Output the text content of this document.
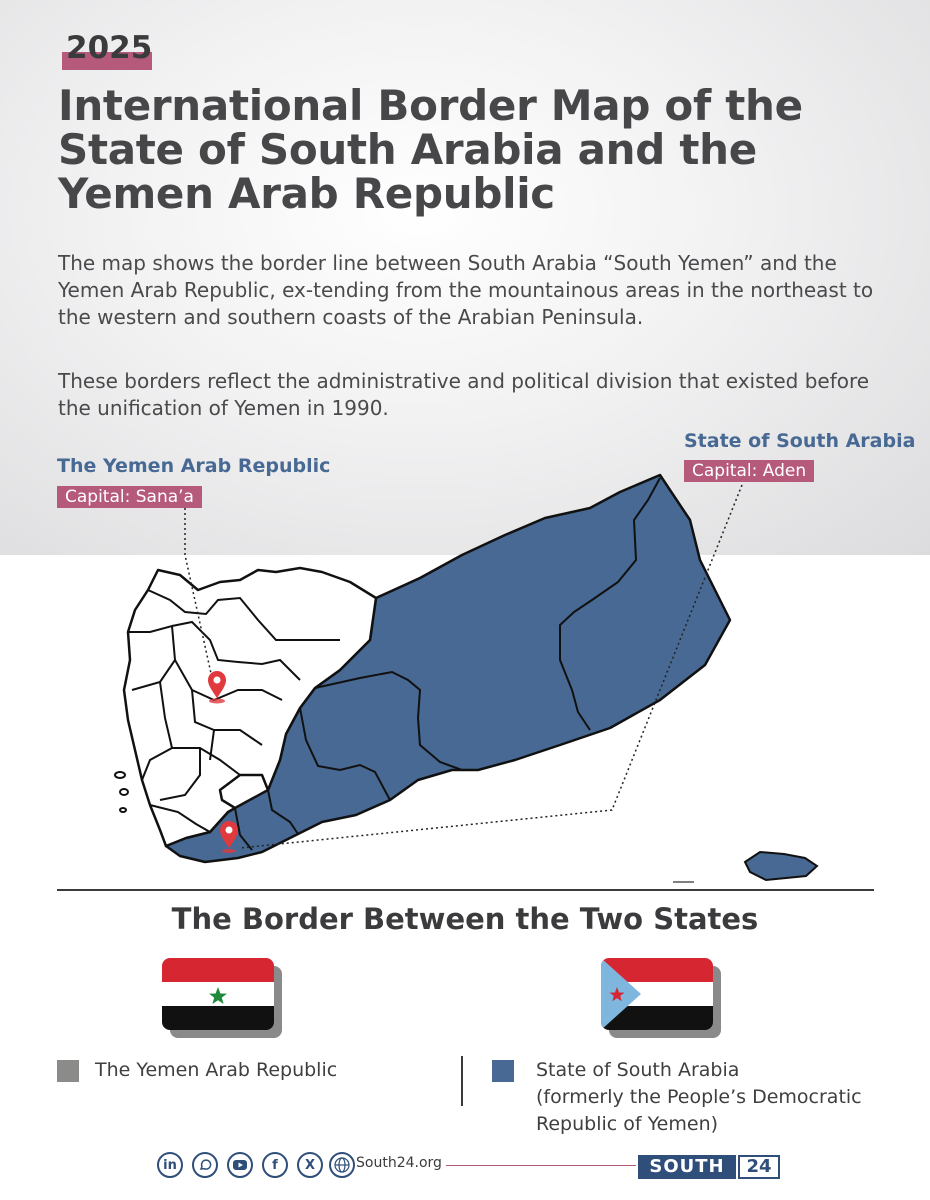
2025
International Border Map of the State of South Arabia and the Yemen Arab Republic

The map shows the border line between South Arabia “South Yemen” and the Yemen Arab Republic, ex-tending from the mountainous areas in the northeast to the western and southern coasts of the Arabian Peninsula.

These borders reflect the administrative and political division that existed before the unification of Yemen in 1990.

The Yemen Arab Republic
Capital: Sana’a
State of South Arabia
Capital: Aden
The Border Between the Two States
The Yemen Arab Republic	State of South Arabia
(formerly the People’s Democratic
Republic of Yemen)
in	f	X	South24.org	SOUTH	24
